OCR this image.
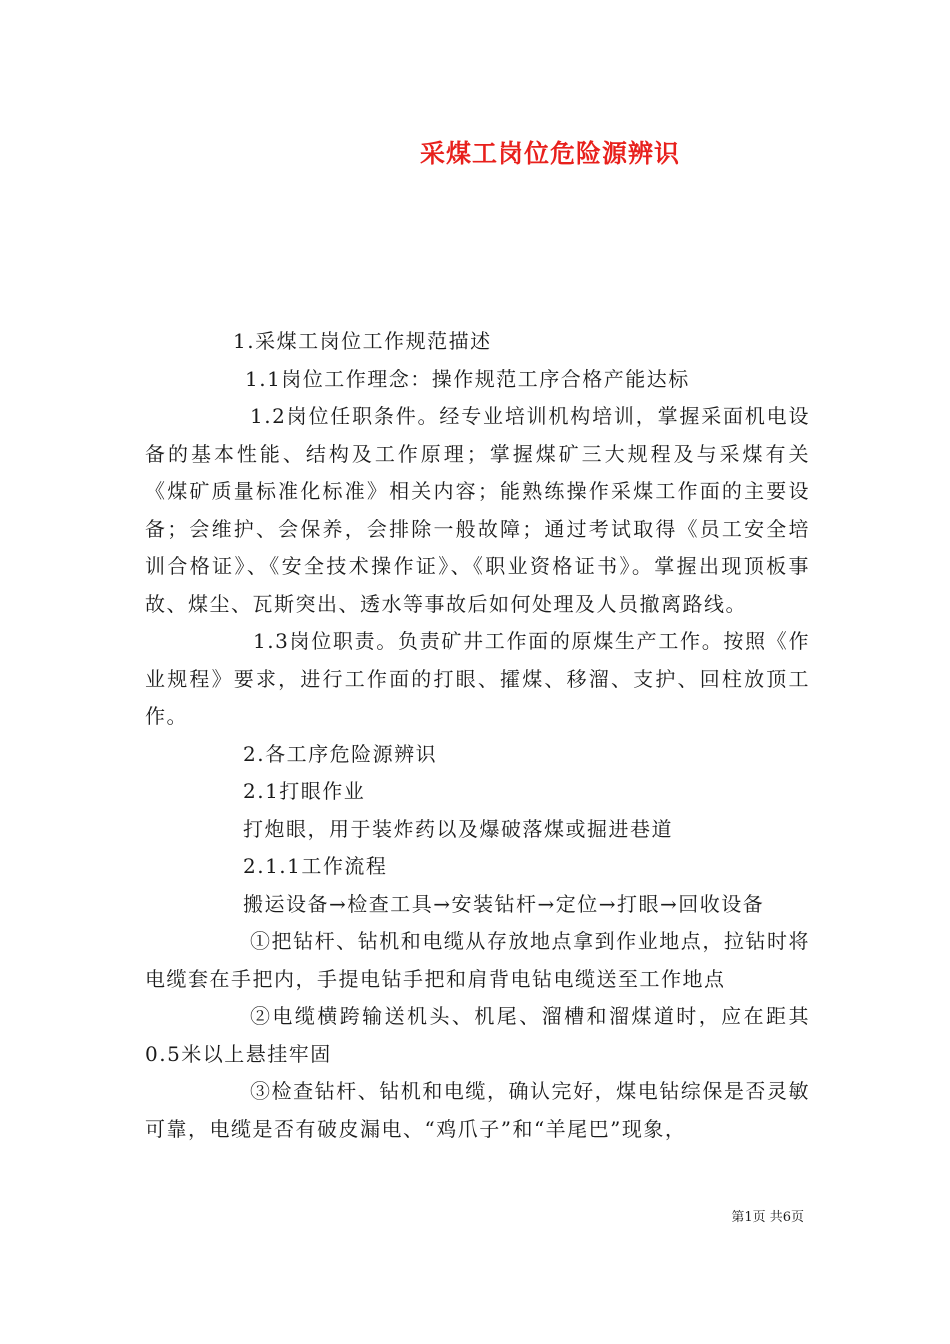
采煤工岗位危险源辨识

1.采煤工岗位工作规范描述

1.1岗位工作理念：操作规范工序合格产能达标

1.2岗位任职条件。经专业培训机构培训，掌握采面机电设备的基本性能、结构及工作原理；掌握煤矿三大规程及与采煤有关《煤矿质量标准化标准》相关内容；能熟练操作采煤工作面的主要设备；会维护、会保养，会排除一般故障；通过考试取得《员工安全培训合格证》、《安全技术操作证》、《职业资格证书》。掌握出现顶板事故、煤尘、瓦斯突出、透水等事故后如何处理及人员撤离路线。

1.3岗位职责。负责矿井工作面的原煤生产工作。按照《作业规程》要求，进行工作面的打眼、攉煤、移溜、支护、回柱放顶工作。

2.各工序危险源辨识

2.1打眼作业

打炮眼，用于装炸药以及爆破落煤或掘进巷道

2.1.1工作流程

搬运设备→检查工具→安装钻杆→定位→打眼→回收设备

①把钻杆、钻机和电缆从存放地点拿到作业地点，拉钻时将电缆套在手把内，手提电钻手把和肩背电钻电缆送至工作地点

②电缆横跨输送机头、机尾、溜槽和溜煤道时，应在距其0.5米以上悬挂牢固

③检查钻杆、钻机和电缆，确认完好，煤电钻综保是否灵敏可靠，电缆是否有破皮漏电、“鸡爪子”和“羊尾巴”现象，

第1页 共6页
